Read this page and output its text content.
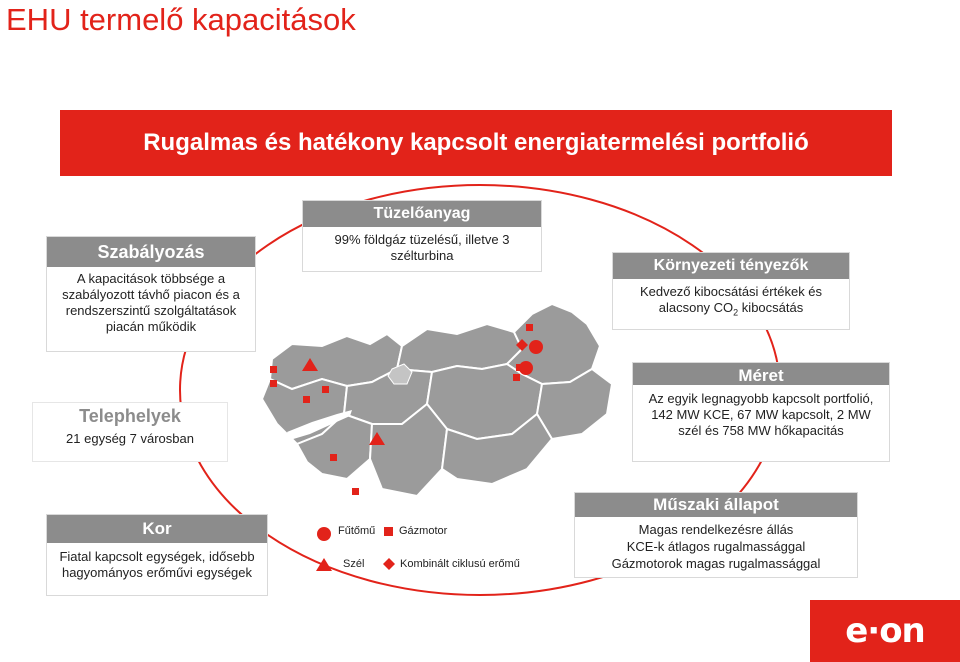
EHU termelő kapacitások
Rugalmas és hatékony kapcsolt energiatermelési portfolió
Szabályozás
A kapacitások többsége a szabályozott távhő piacon és a rendszerszintű szolgáltatások piacán működik
Tüzelőanyag
99% földgáz tüzelésű, illetve 3 szélturbina
Környezeti tényezők
Kedvező kibocsátási értékek és
alacsony $CO_2$ kibocsátás
Telephelyek
21 egység 7 városban
Méret
Az egyik legnagyobb kapcsolt portfolió, 142 MW KCE, 67 MW kapcsolt, 2 MW szél és 758 MW hőkapacitás
Kor
Fiatal kapcsolt egységek, idősebb hagyományos erőművi egységek
Műszaki állapot
Magas rendelkezésre állás
KCE-k átlagos rugalmassággal
Gázmotorok magas rugalmassággal
Fűtőmű Gázmotor
Szél	Kombinált ciklusú erőmű
e·on
